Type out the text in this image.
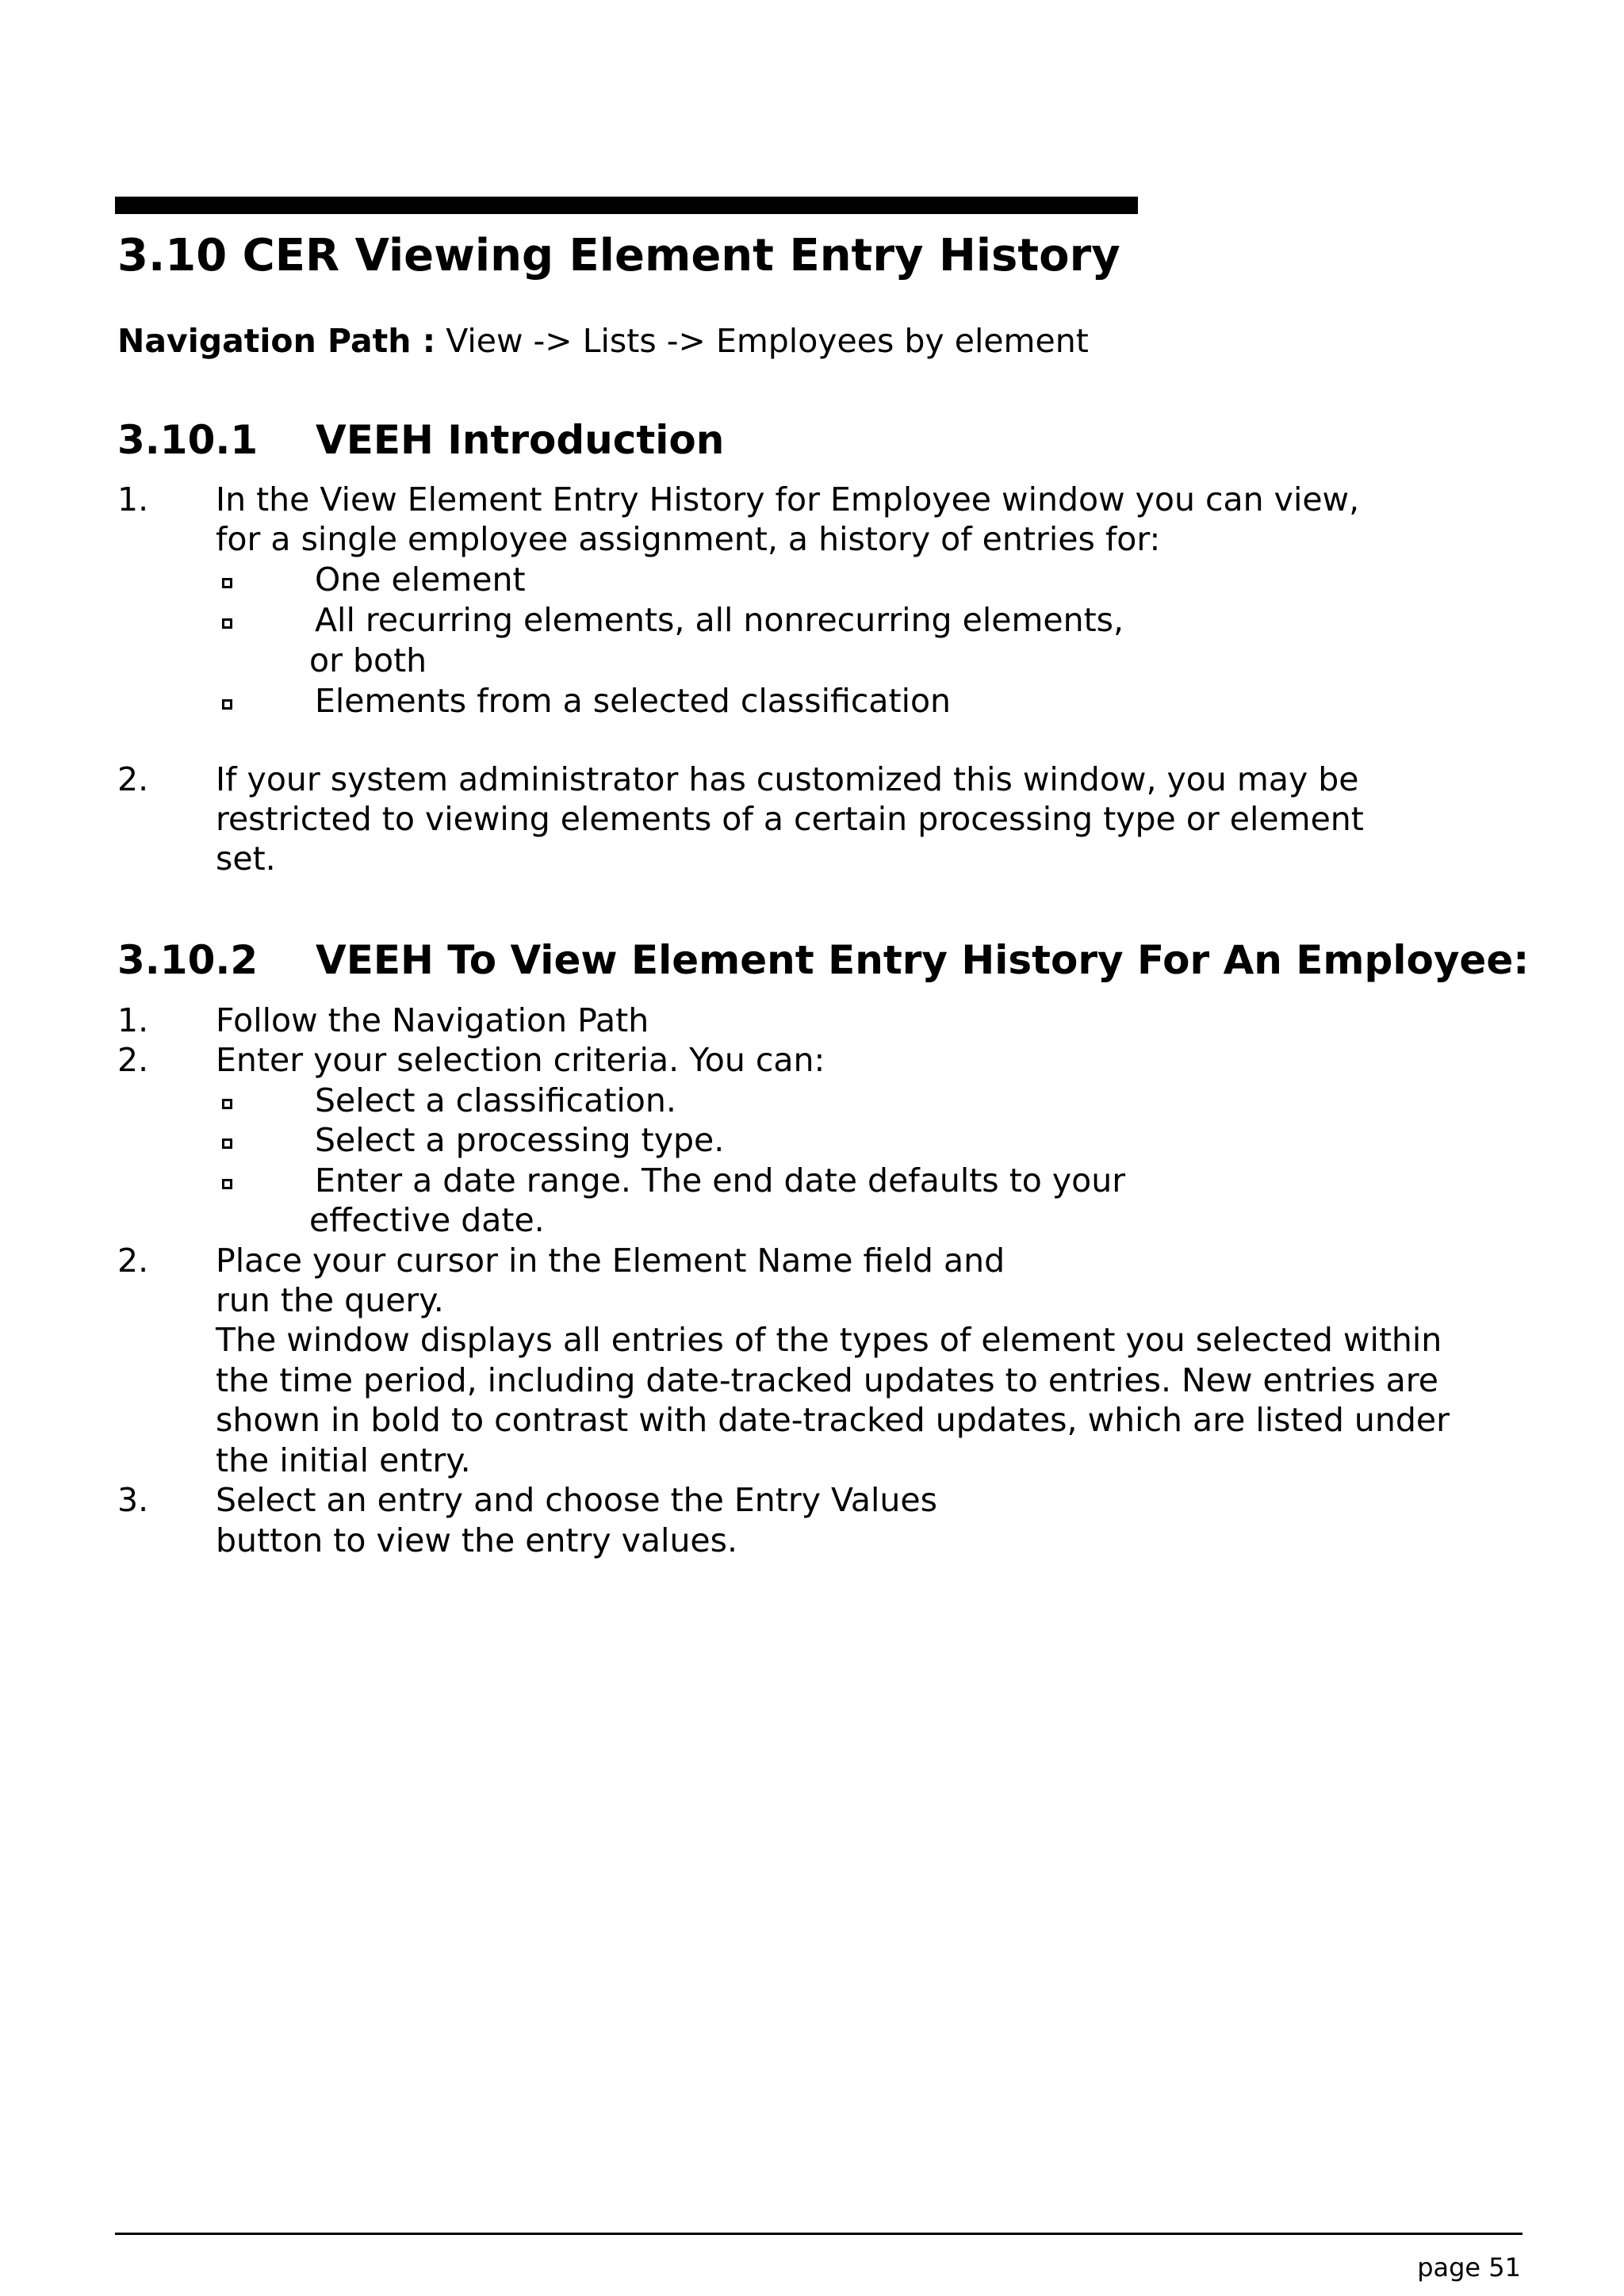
3.10 CER Viewing Element Entry History
Navigation Path : View -> Lists -> Employees by element
3.10.1 VEEH Introduction
1. In the View Element Entry History for Employee window you can view,
for a single employee assignment, a history of entries for:
One element
All recurring elements, all nonrecurring elements,
or both
Elements from a selected classification
2. If your system administrator has customized this window, you may be
restricted to viewing elements of a certain processing type or element
set.
3.10.2 VEEH To View Element Entry History For An Employee:
1. Follow the Navigation Path
2. Enter your selection criteria. You can:
Select a classification.
Select a processing type.
Enter a date range. The end date defaults to your
effective date.
2. Place your cursor in the Element Name field and
run the query.
The window displays all entries of the types of element you selected within
the time period, including date-tracked updates to entries. New entries are
shown in bold to contrast with date-tracked updates, which are listed under
the initial entry.
3. Select an entry and choose the Entry Values
button to view the entry values.
page 51
